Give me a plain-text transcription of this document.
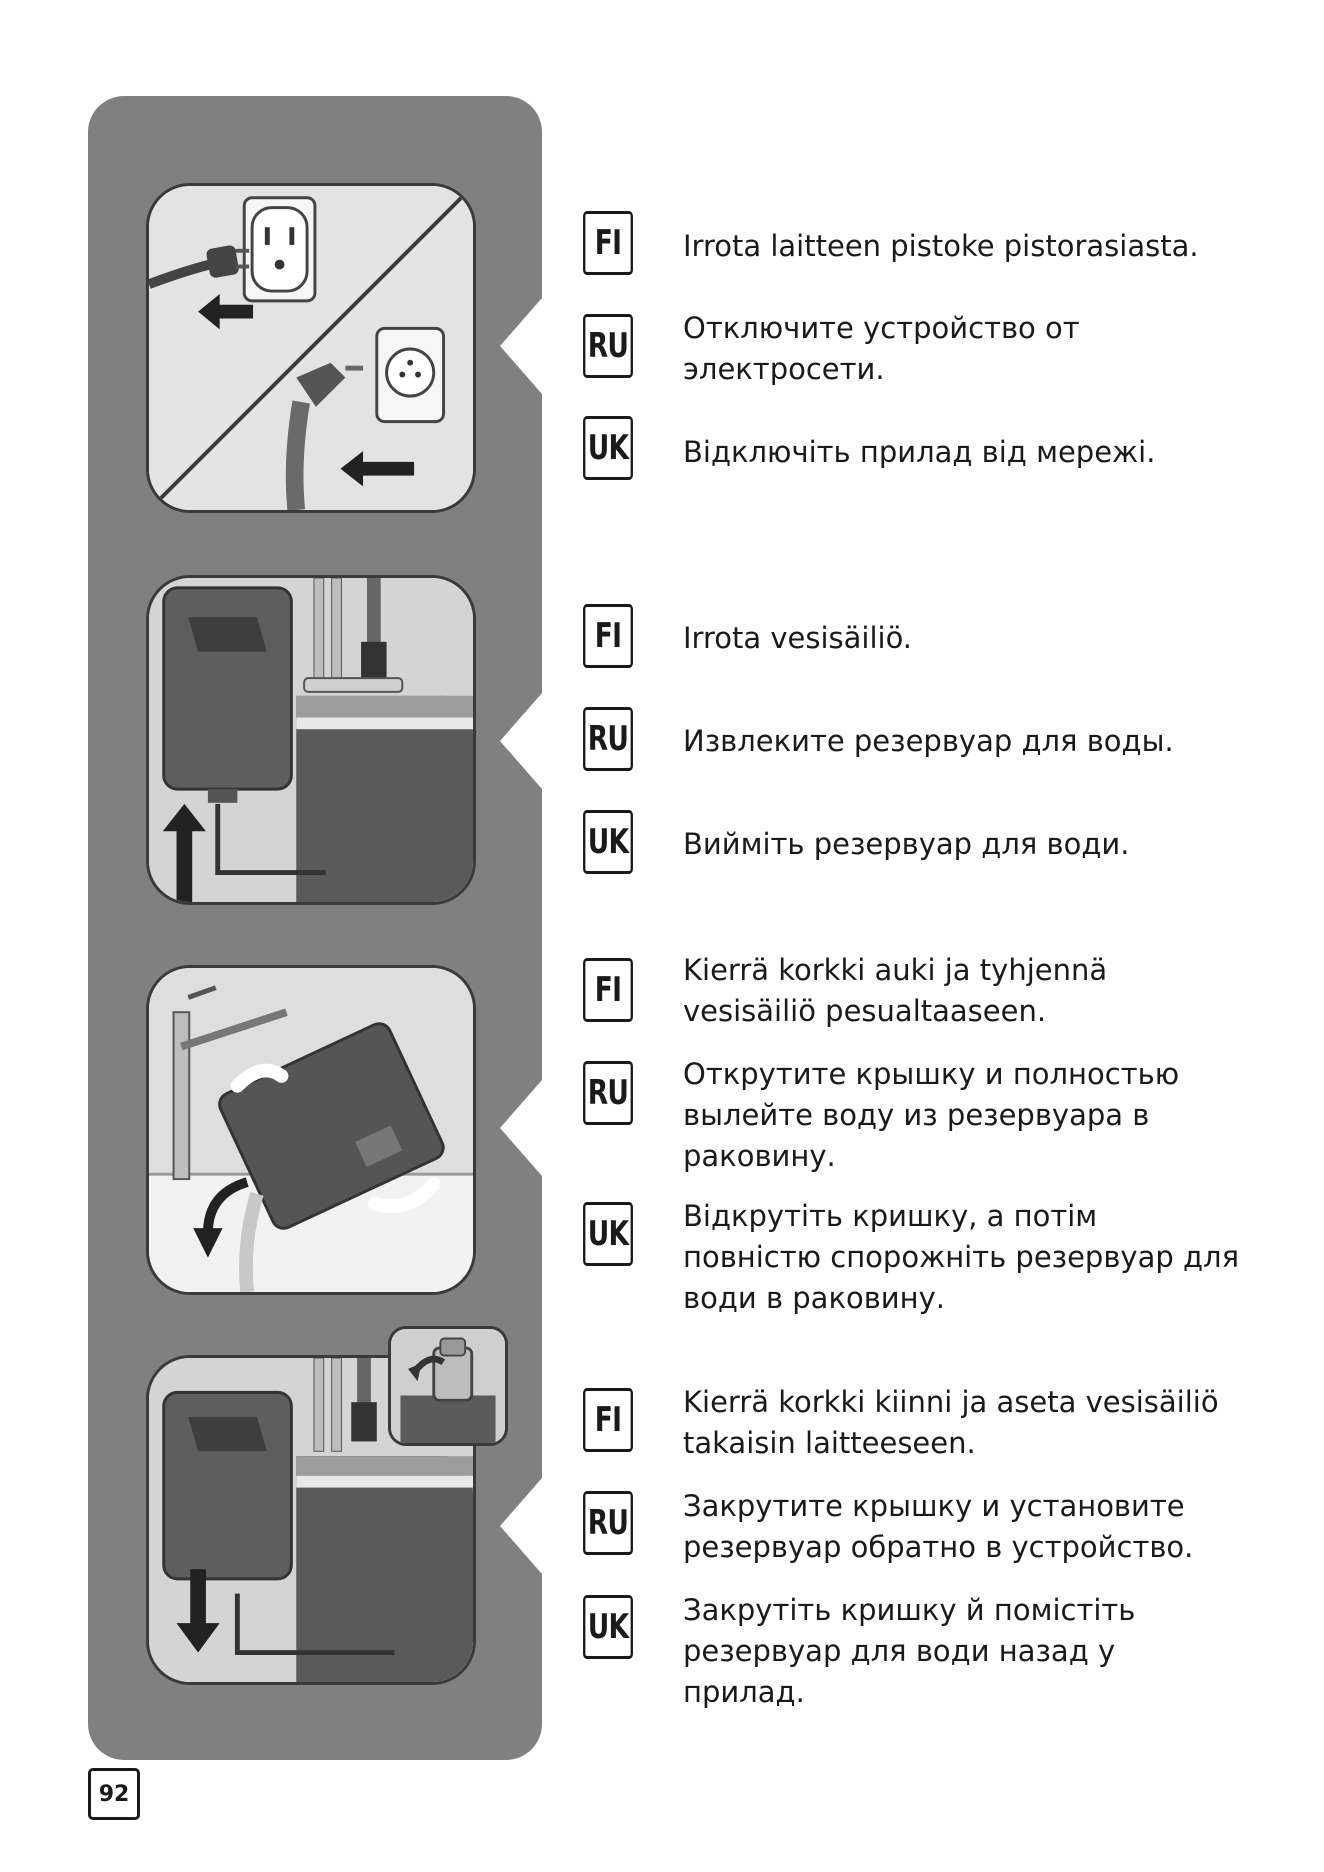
FI	Irrota laitteen pistoke pistorasiasta.
RU Отключите устройство от электросети.
UK Відключіть прилад від мережі.
FI	Irrota vesisäiliö.
RU Извлеките резервуар для воды.
UK Вийміть резервуар для води.
FI	Kierrä korkki auki ja tyhjennä vesisäiliö pesualtaaseen.
RU Открутите крышку и полностью вылейте воду из резервуара в раковину.
UK Відкрутіть кришку, а потім повністю спорожніть резервуар для води в раковину.
FI	Kierrä korkki kiinni ja aseta vesisäiliö takaisin laitteeseen.
RU Закрутите крышку и установите резервуар обратно в устройство.
UK Закрутіть кришку й помістіть резервуар для води назад у прилад.
92
